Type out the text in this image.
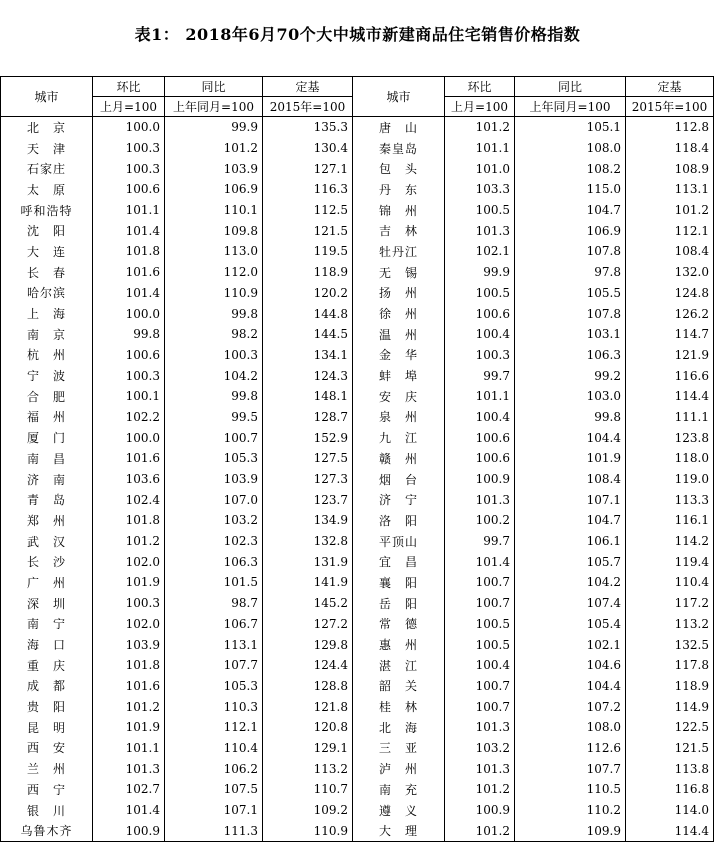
表1： 2018年6月70个大中城市新建商品住宅销售价格指数
城市	环比	同比	定基	城市	环比	同比	定基
	上月=100	上年同月=100	2015年=100		上月=100	上年同月=100	2015年=100
北　京	100.0	99.9	135.3	唐　山	101.2	105.1	112.8
天　津	100.3	101.2	130.4	秦皇岛	101.1	108.0	118.4
石家庄	100.3	103.9	127.1	包　头	101.0	108.2	108.9
太　原	100.6	106.9	116.3	丹　东	103.3	115.0	113.1
呼和浩特	101.1	110.1	112.5	锦　州	100.5	104.7	101.2
沈　阳	101.4	109.8	121.5	吉　林	101.3	106.9	112.1
大　连	101.8	113.0	119.5	牡丹江	102.1	107.8	108.4
长　春	101.6	112.0	118.9	无　锡	99.9	97.8	132.0
哈尔滨	101.4	110.9	120.2	扬　州	100.5	105.5	124.8
上　海	100.0	99.8	144.8	徐　州	100.6	107.8	126.2
南　京	99.8	98.2	144.5	温　州	100.4	103.1	114.7
杭　州	100.6	100.3	134.1	金　华	100.3	106.3	121.9
宁　波	100.3	104.2	124.3	蚌　埠	99.7	99.2	116.6
合　肥	100.1	99.8	148.1	安　庆	101.1	103.0	114.4
福　州	102.2	99.5	128.7	泉　州	100.4	99.8	111.1
厦　门	100.0	100.7	152.9	九　江	100.6	104.4	123.8
南　昌	101.6	105.3	127.5	赣　州	100.6	101.9	118.0
济　南	103.6	103.9	127.3	烟　台	100.9	108.4	119.0
青　岛	102.4	107.0	123.7	济　宁	101.3	107.1	113.3
郑　州	101.8	103.2	134.9	洛　阳	100.2	104.7	116.1
武　汉	101.2	102.3	132.8	平顶山	99.7	106.1	114.2
长　沙	102.0	106.3	131.9	宜　昌	101.4	105.7	119.4
广　州	101.9	101.5	141.9	襄　阳	100.7	104.2	110.4
深　圳	100.3	98.7	145.2	岳　阳	100.7	107.4	117.2
南　宁	102.0	106.7	127.2	常　德	100.5	105.4	113.2
海　口	103.9	113.1	129.8	惠　州	100.5	102.1	132.5
重　庆	101.8	107.7	124.4	湛　江	100.4	104.6	117.8
成　都	101.6	105.3	128.8	韶　关	100.7	104.4	118.9
贵　阳	101.2	110.3	121.8	桂　林	100.7	107.2	114.9
昆　明	101.9	112.1	120.8	北　海	101.3	108.0	122.5
西　安	101.1	110.4	129.1	三　亚	103.2	112.6	121.5
兰　州	101.3	106.2	113.2	泸　州	101.3	107.7	113.8
西　宁	102.7	107.5	110.7	南　充	101.2	110.5	116.8
银　川	101.4	107.1	109.2	遵　义	100.9	110.2	114.0
乌鲁木齐	100.9	111.3	110.9	大　理	101.2	109.9	114.4
